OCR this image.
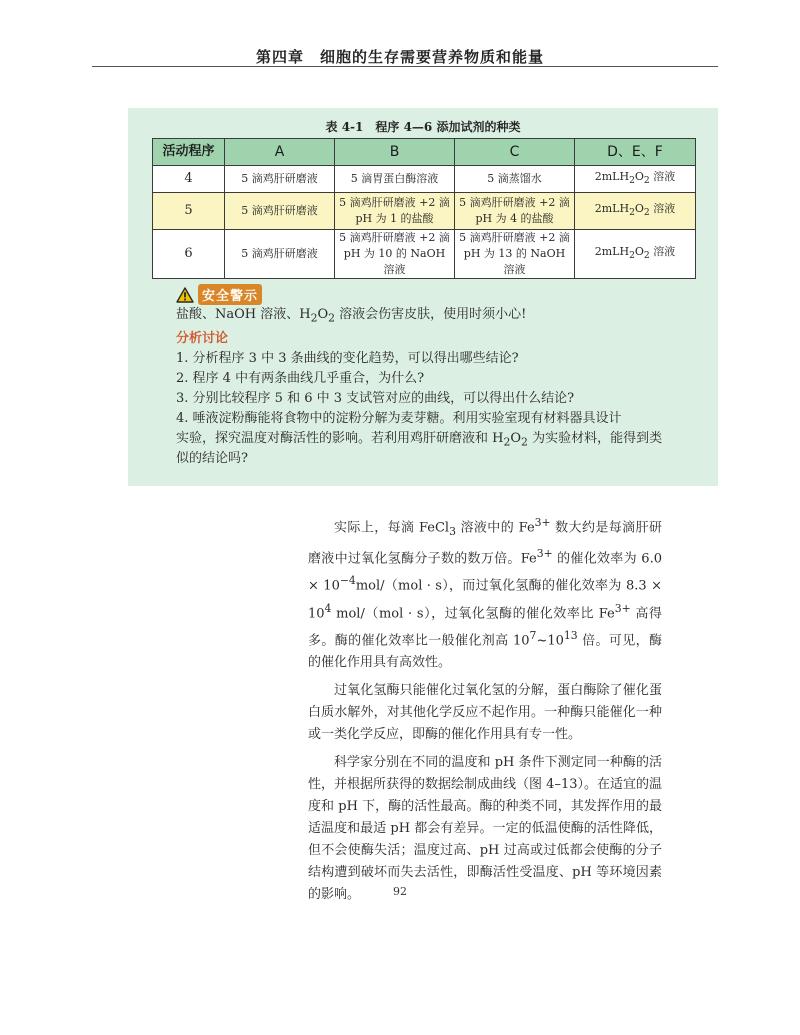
第四章　细胞的生存需要营养物质和能量
表 4-1　程序 4—6 添加试剂的种类
活动程序	A	B	C	D、E、F
4	5 滴鸡肝研磨液	5 滴胃蛋白酶溶液	5 滴蒸馏水	$2mLH_2O_2$ 溶液
5	5 滴鸡肝研磨液	5 滴鸡肝研磨液 +2 滴 pH 为 1 的盐酸	5 滴鸡肝研磨液 +2 滴 pH 为 4 的盐酸	$2mLH_2O_2$ 溶液
6	5 滴鸡肝研磨液	5 滴鸡肝研磨液 +2 滴 pH 为 10 的 NaOH 溶液	5 滴鸡肝研磨液 +2 滴 pH 为 13 的 NaOH 溶液	$2mLH_2O_2$ 溶液
安全警示
盐酸、NaOH 溶液、$H_2O_2$ 溶液会伤害皮肤，使用时须小心!
分析讨论
1. 分析程序 3 中 3 条曲线的变化趋势，可以得出哪些结论?
2. 程序 4 中有两条曲线几乎重合，为什么?
3. 分别比较程序 5 和 6 中 3 支试管对应的曲线，可以得出什么结论?
4. 唾液淀粉酶能将食物中的淀粉分解为麦芽糖。利用实验室现有材料器具设计
实验，探究温度对酶活性的影响。若利用鸡肝研磨液和 $H_2O_2$ 为实验材料，能得到类
似的结论吗?

实际上，每滴 FeCl$_3$ 溶液中的 $Fe^{3+}$ 数大约是每滴肝研磨液中过氧化氢酶分子数的数万倍。$Fe^{3+}$ 的催化效率为 $6.0 \times 10^{-4}mol/(mol \cdot s)$，而过氧化氢酶的催化效率为 $8.3 \times 10^4$ mol/（mol · s），过氧化氢酶的催化效率比 $Fe^{3+}$ 高得多。酶的催化效率比一般催化剂高 $10^7\sim 10^{13}$ 倍。可见，酶的催化作用具有高效性。

过氧化氢酶只能催化过氧化氢的分解，蛋白酶除了催化蛋白质水解外，对其他化学反应不起作用。一种酶只能催化一种或一类化学反应，即酶的催化作用具有专一性。

科学家分别在不同的温度和 pH 条件下测定同一种酶的活性，并根据所获得的数据绘制成曲线（图 4–13）。在适宜的温度和 pH 下，酶的活性最高。酶的种类不同，其发挥作用的最适温度和最适 pH 都会有差异。一定的低温使酶的活性降低，但不会使酶失活；温度过高、pH 过高或过低都会使酶的分子结构遭到破坏而失去活性，即酶活性受温度、pH 等环境因素的影响。	92
